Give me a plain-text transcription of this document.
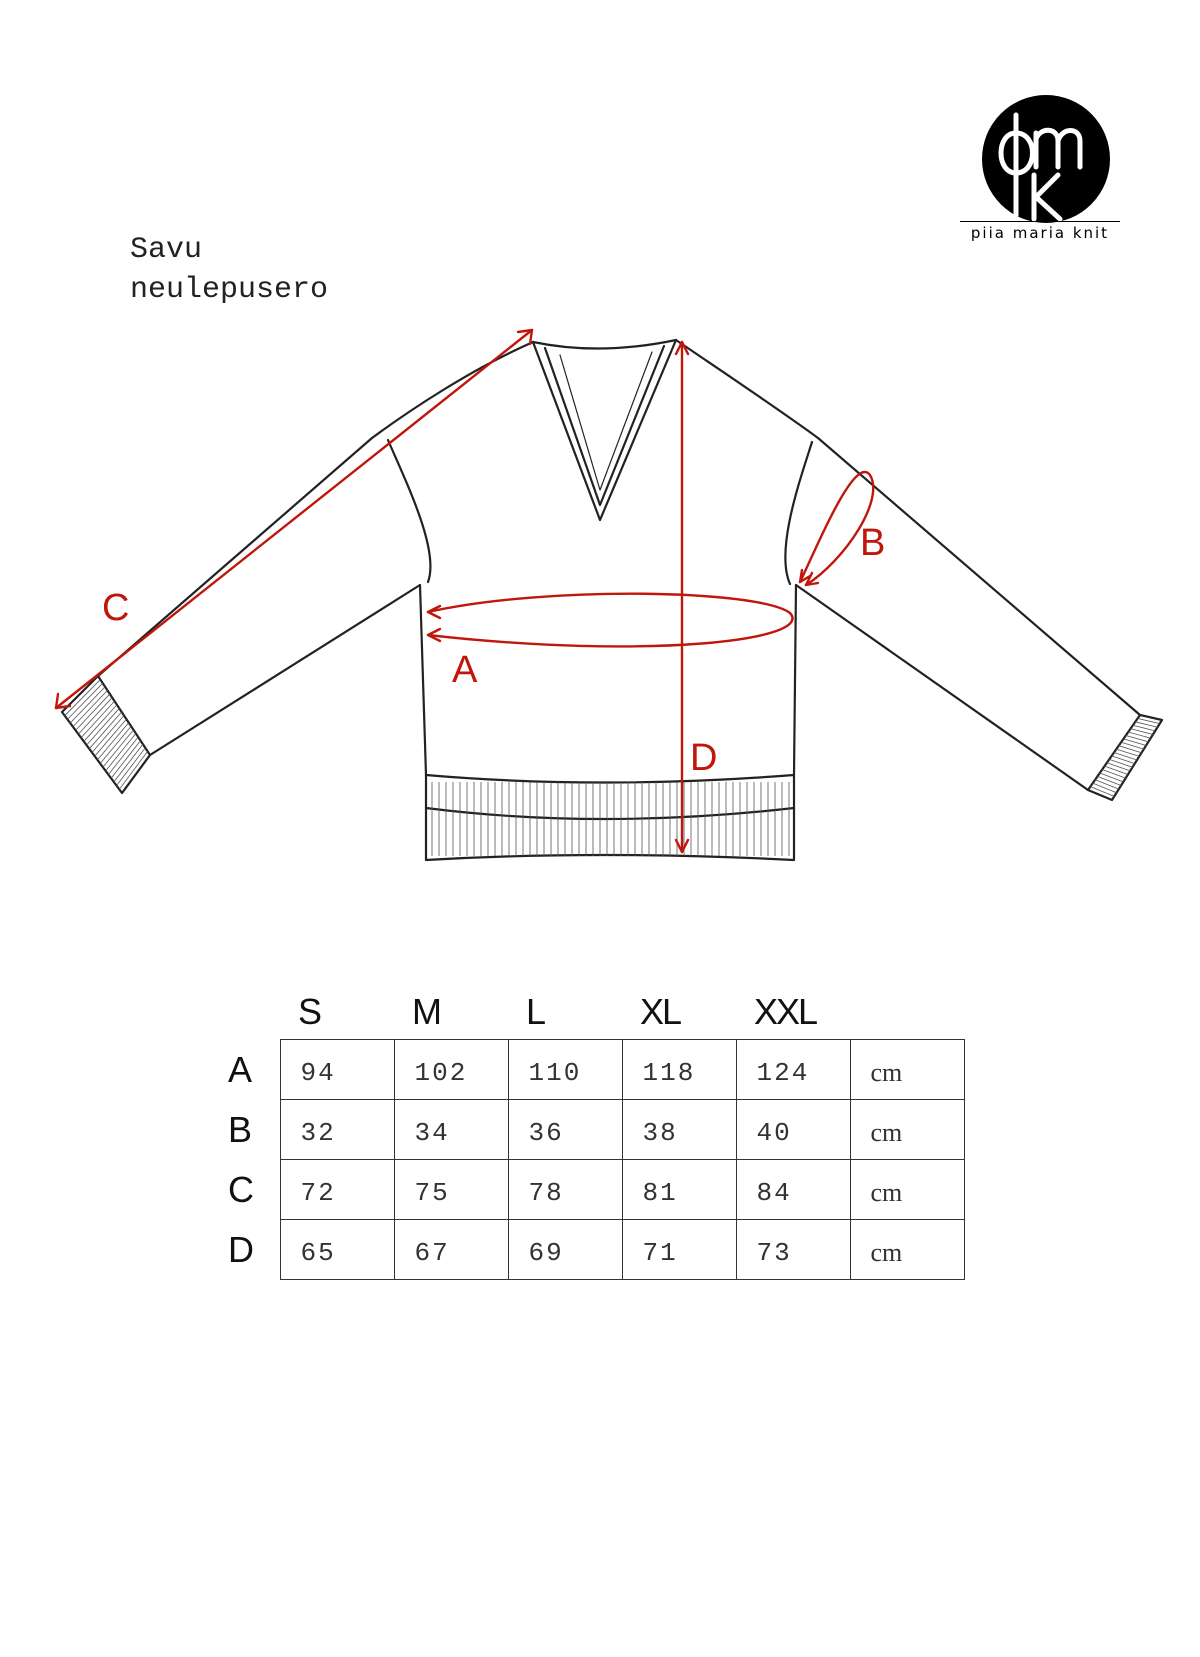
Savu
neulepusero
piia maria knit
A
B
C
D
	S	M	L	XL	XXL	
A	94	102	110	118	124	cm
B	32	34	36	38	40	cm
C	72	75	78	81	84	cm
D	65	67	69	71	73	cm
